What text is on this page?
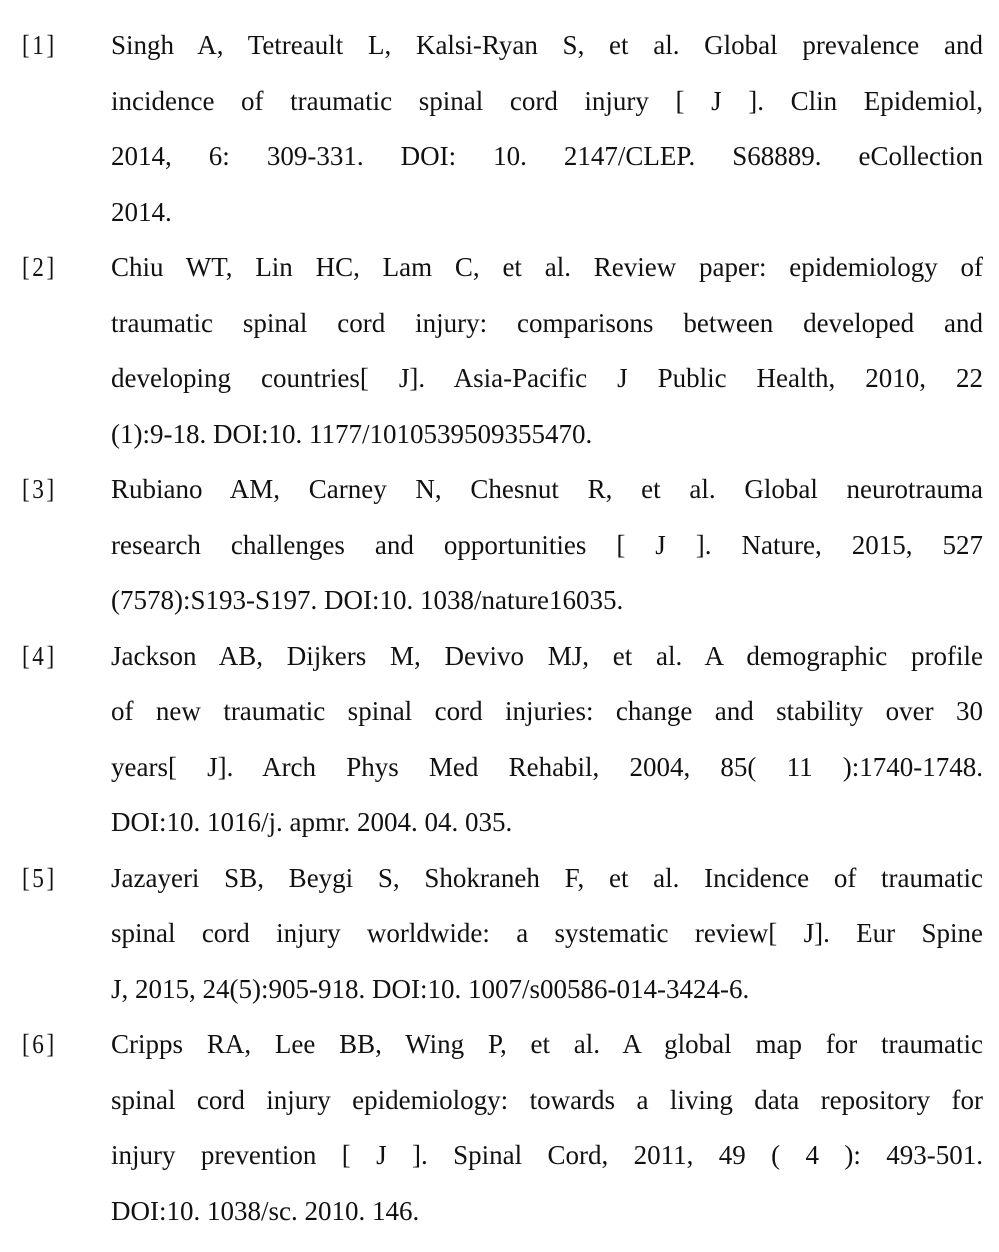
[1]	Singh A, Tetreault L, Kalsi-Ryan S, et al. Global prevalence and
incidence of traumatic spinal cord injury [ J ]. Clin Epidemiol,
2014, 6: 309-331. DOI: 10. 2147/CLEP. S68889. eCollection
2014.
[2]	Chiu WT, Lin HC, Lam C, et al. Review paper: epidemiology of
traumatic spinal cord injury: comparisons between developed and
developing countries[ J]. Asia-Pacific J Public Health, 2010, 22
(1):9-18. DOI:10. 1177/1010539509355470.
[3]	Rubiano AM, Carney N, Chesnut R, et al. Global neurotrauma
research challenges and opportunities [ J ]. Nature, 2015, 527
(7578):S193-S197. DOI:10. 1038/nature16035.
[4]	Jackson AB, Dijkers M, Devivo MJ, et al. A demographic profile
of new traumatic spinal cord injuries: change and stability over 30
years[ J]. Arch Phys Med Rehabil, 2004, 85( 11 ):1740-1748.
DOI:10. 1016/j. apmr. 2004. 04. 035.
[5]	Jazayeri SB, Beygi S, Shokraneh F, et al. Incidence of traumatic
spinal cord injury worldwide: a systematic review[ J]. Eur Spine
J, 2015, 24(5):905-918. DOI:10. 1007/s00586-014-3424-6.
[6]	Cripps RA, Lee BB, Wing P, et al. A global map for traumatic
spinal cord injury epidemiology: towards a living data repository for
injury prevention [ J ]. Spinal Cord, 2011, 49 ( 4 ): 493-501.
DOI:10. 1038/sc. 2010. 146.
